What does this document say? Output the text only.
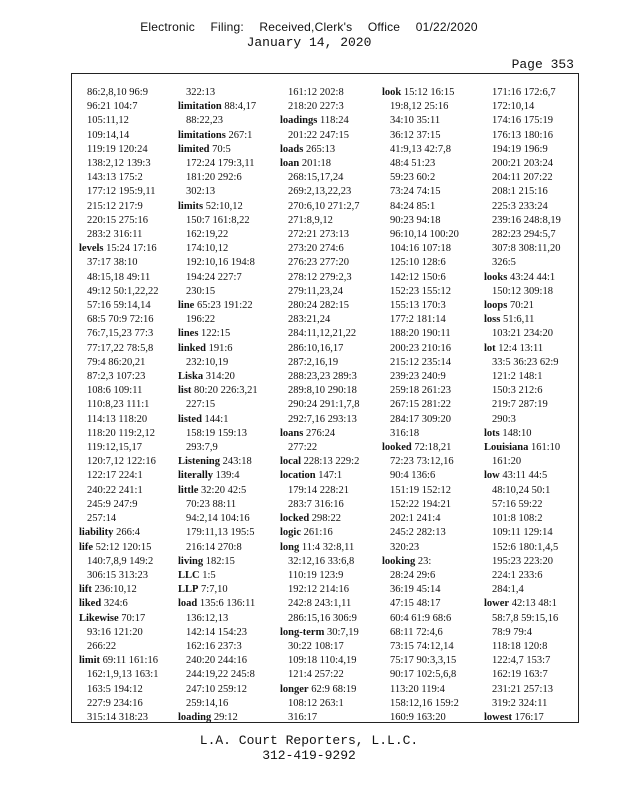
Electronic Filing: Received,Clerk's Office 01/22/2020
January 14, 2020
Page 353
86:2,8,10 96:9
96:21 104:7
105:11,12
109:14,14
119:19 120:24
138:2,12 139:3
143:13 175:2
177:12 195:9,11
215:12 217:9
220:15 275:16
283:2 316:11
levels 15:24 17:16
37:17 38:10
48:15,18 49:11
49:12 50:1,22,22
57:16 59:14,14
68:5 70:9 72:16
76:7,15,23 77:3
77:17,22 78:5,8
79:4 86:20,21
87:2,3 107:23
108:6 109:11
110:8,23 111:1
114:13 118:20
118:20 119:2,12
119:12,15,17
120:7,12 122:16
122:17 224:1
240:22 241:1
245:9 247:9
257:14
liability 266:4
life 52:12 120:15
140:7,8,9 149:2
306:15 313:23
lift 236:10,12
liked 324:6
Likewise 70:17
93:16 121:20
266:22
limit 69:11 161:16
162:1,9,13 163:1
163:5 194:12
227:9 234:16
315:14 318:23
322:13
limitation 88:4,17
88:22,23
limitations 267:1
limited 70:5
172:24 179:3,11
181:20 292:6
302:13
limits 52:10,12
150:7 161:8,22
162:19,22
174:10,12
192:10,16 194:8
194:24 227:7
230:15
line 65:23 191:22
196:22
lines 122:15
linked 191:6
232:10,19
Liska 314:20
list 80:20 226:3,21
227:15
listed 144:1
158:19 159:13
293:7,9
Listening 243:18
literally 139:4
little 32:20 42:5
70:23 88:11
94:2,14 104:16
179:11,13 195:5
216:14 270:8
living 182:15
LLC 1:5
LLP 7:7,10
load 135:6 136:11
136:12,13
142:14 154:23
162:16 237:3
240:20 244:16
244:19,22 245:8
247:10 259:12
259:14,16
loading 29:12
161:12 202:8
218:20 227:3
loadings 118:24
201:22 247:15
loads 265:13
loan 201:18
268:15,17,24
269:2,13,22,23
270:6,10 271:2,7
271:8,9,12
272:21 273:13
273:20 274:6
276:23 277:20
278:12 279:2,3
279:11,23,24
280:24 282:15
283:21,24
284:11,12,21,22
286:10,16,17
287:2,16,19
288:23,23 289:3
289:8,10 290:18
290:24 291:1,7,8
292:7,16 293:13
loans 276:24
277:22
local 228:13 229:2
location 147:1
179:14 228:21
283:7 316:16
locked 298:22
logic 261:16
long 11:4 32:8,11
32:12,16 33:6,8
110:19 123:9
192:12 214:16
242:8 243:1,11
286:15,16 306:9
long-term 30:7,19
30:22 108:17
109:18 110:4,19
121:4 257:22
longer 62:9 68:19
108:12 263:1
316:17
look 15:12 16:15
19:8,12 25:16
34:10 35:11
36:12 37:15
41:9,13 42:7,8
48:4 51:23
59:23 60:2
73:24 74:15
84:24 85:1
90:23 94:18
96:10,14 100:20
104:16 107:18
125:10 128:6
142:12 150:6
152:23 155:12
155:13 170:3
177:2 181:14
188:20 190:11
200:23 210:16
215:12 235:14
239:23 240:9
259:18 261:23
267:15 281:22
284:17 309:20
316:18
looked 72:18,21
72:23 73:12,16
90:4 136:6
151:19 152:12
152:22 194:21
202:1 241:4
245:2 282:13
320:23
looking 23:
28:24 29:6
36:19 45:14
47:15 48:17
60:4 61:9 68:6
68:11 72:4,6
73:15 74:12,14
75:17 90:3,3,15
90:17 102:5,6,8
113:20 119:4
158:12,16 159:2
160:9 163:20
171:16 172:6,7
172:10,14
174:16 175:19
176:13 180:16
194:19 196:9
200:21 203:24
204:11 207:22
208:1 215:16
225:3 233:24
239:16 248:8,19
282:23 294:5,7
307:8 308:11,20
326:5
looks 43:24 44:1
150:12 309:18
loops 70:21
loss 51:6,11
103:21 234:20
lot 12:4 13:11
33:5 36:23 62:9
121:2 148:1
150:3 212:6
219:7 287:19
290:3
lots 148:10
Louisiana 161:10
161:20
low 43:11 44:5
48:10,24 50:1
57:16 59:22
101:8 108:2
109:11 129:14
152:6 180:1,4,5
195:23 223:20
224:1 233:6
284:1,4
lower 42:13 48:1
58:7,8 59:15,16
78:9 79:4
118:18 120:8
122:4,7 153:7
162:19 163:7
231:21 257:13
319:2 324:11
lowest 176:17
L.A. Court Reporters, L.L.C.
312-419-9292
